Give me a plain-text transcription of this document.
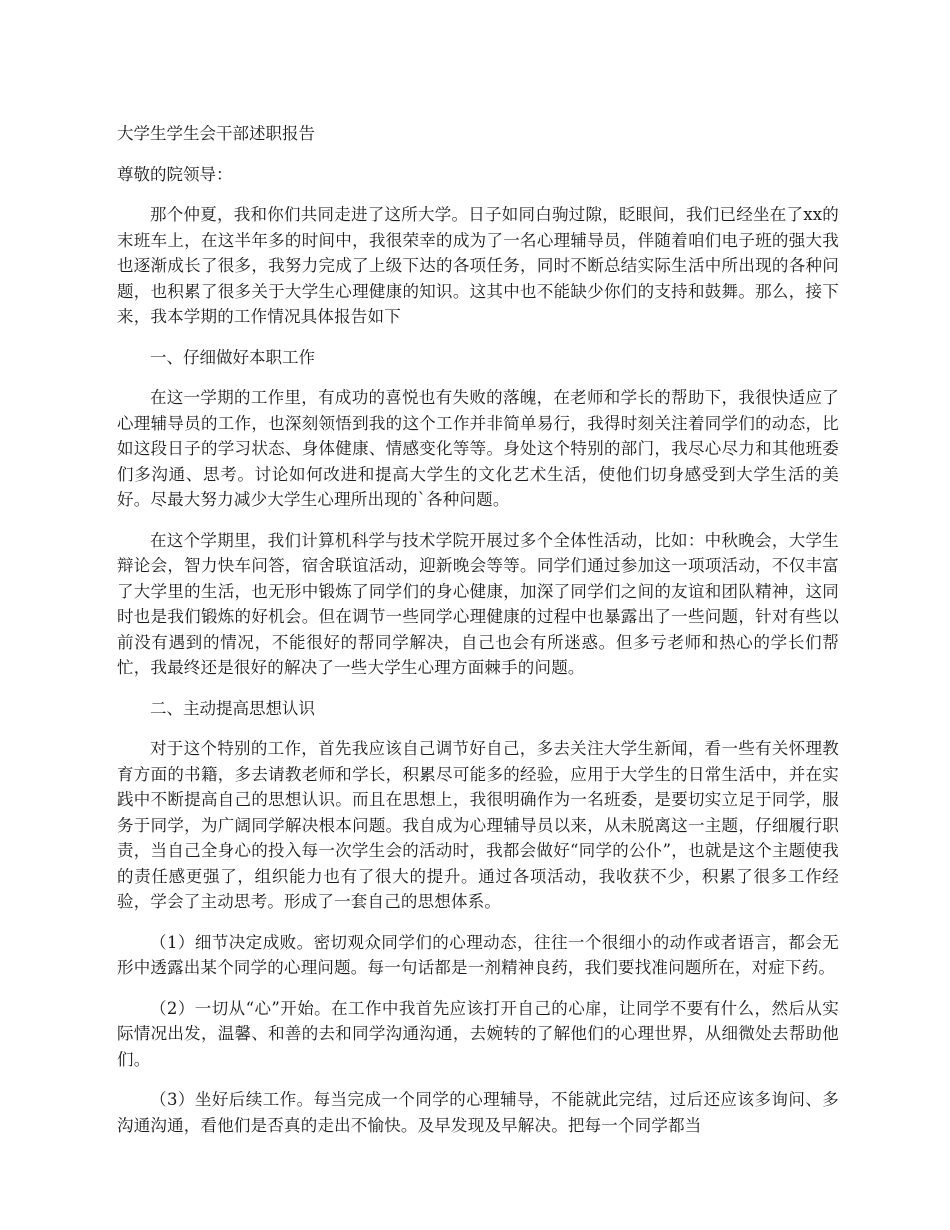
大学生学生会干部述职报告

尊敬的院领导：

那个仲夏，我和你们共同走进了这所大学。日子如同白驹过隙，眨眼间，我们已经坐在了xx的末班车上，在这半年多的时间中，我很荣幸的成为了一名心理辅导员，伴随着咱们电子班的强大我也逐渐成长了很多，我努力完成了上级下达的各项任务，同时不断总结实际生活中所出现的各种问题，也积累了很多关于大学生心理健康的知识。这其中也不能缺少你们的支持和鼓舞。那么，接下来，我本学期的工作情况具体报告如下

一、仔细做好本职工作

在这一学期的工作里，有成功的喜悦也有失败的落魄，在老师和学长的帮助下，我很快适应了心理辅导员的工作，也深刻领悟到我的这个工作并非简单易行，我得时刻关注着同学们的动态，比如这段日子的学习状态、身体健康、情感变化等等。身处这个特别的部门，我尽心尽力和其他班委们多沟通、思考。讨论如何改进和提高大学生的文化艺术生活，使他们切身感受到大学生活的美好。尽最大努力减少大学生心理所出现的`各种问题。

在这个学期里，我们计算机科学与技术学院开展过多个全体性活动，比如：中秋晚会，大学生辩论会，智力快车问答，宿舍联谊活动，迎新晚会等等。同学们通过参加这一项项活动，不仅丰富了大学里的生活，也无形中锻炼了同学们的身心健康，加深了同学们之间的友谊和团队精神，这同时也是我们锻炼的好机会。但在调节一些同学心理健康的过程中也暴露出了一些问题，针对有些以前没有遇到的情况，不能很好的帮同学解决，自己也会有所迷惑。但多亏老师和热心的学长们帮忙，我最终还是很好的解决了一些大学生心理方面棘手的问题。

二、主动提高思想认识

对于这个特别的工作，首先我应该自己调节好自己，多去关注大学生新闻，看一些有关怀理教育方面的书籍，多去请教老师和学长，积累尽可能多的经验，应用于大学生的日常生活中，并在实践中不断提高自己的思想认识。而且在思想上，我很明确作为一名班委，是要切实立足于同学，服务于同学，为广阔同学解决根本问题。我自成为心理辅导员以来，从未脱离这一主题，仔细履行职责，当自己全身心的投入每一次学生会的活动时，我都会做好“同学的公仆”，也就是这个主题使我的责任感更强了，组织能力也有了很大的提升。通过各项活动，我收获不少，积累了很多工作经验，学会了主动思考。形成了一套自己的思想体系。

（1）细节决定成败。密切观众同学们的心理动态，往往一个很细小的动作或者语言，都会无形中透露出某个同学的心理问题。每一句话都是一剂精神良药，我们要找准问题所在，对症下药。

（2）一切从“心”开始。在工作中我首先应该打开自己的心扉，让同学不要有什么，然后从实际情况出发，温馨、和善的去和同学沟通沟通，去婉转的了解他们的心理世界，从细微处去帮助他们。

（3）坐好后续工作。每当完成一个同学的心理辅导，不能就此完结，过后还应该多询问、多沟通沟通，看他们是否真的走出不愉快。及早发现及早解决。把每一个同学都当
